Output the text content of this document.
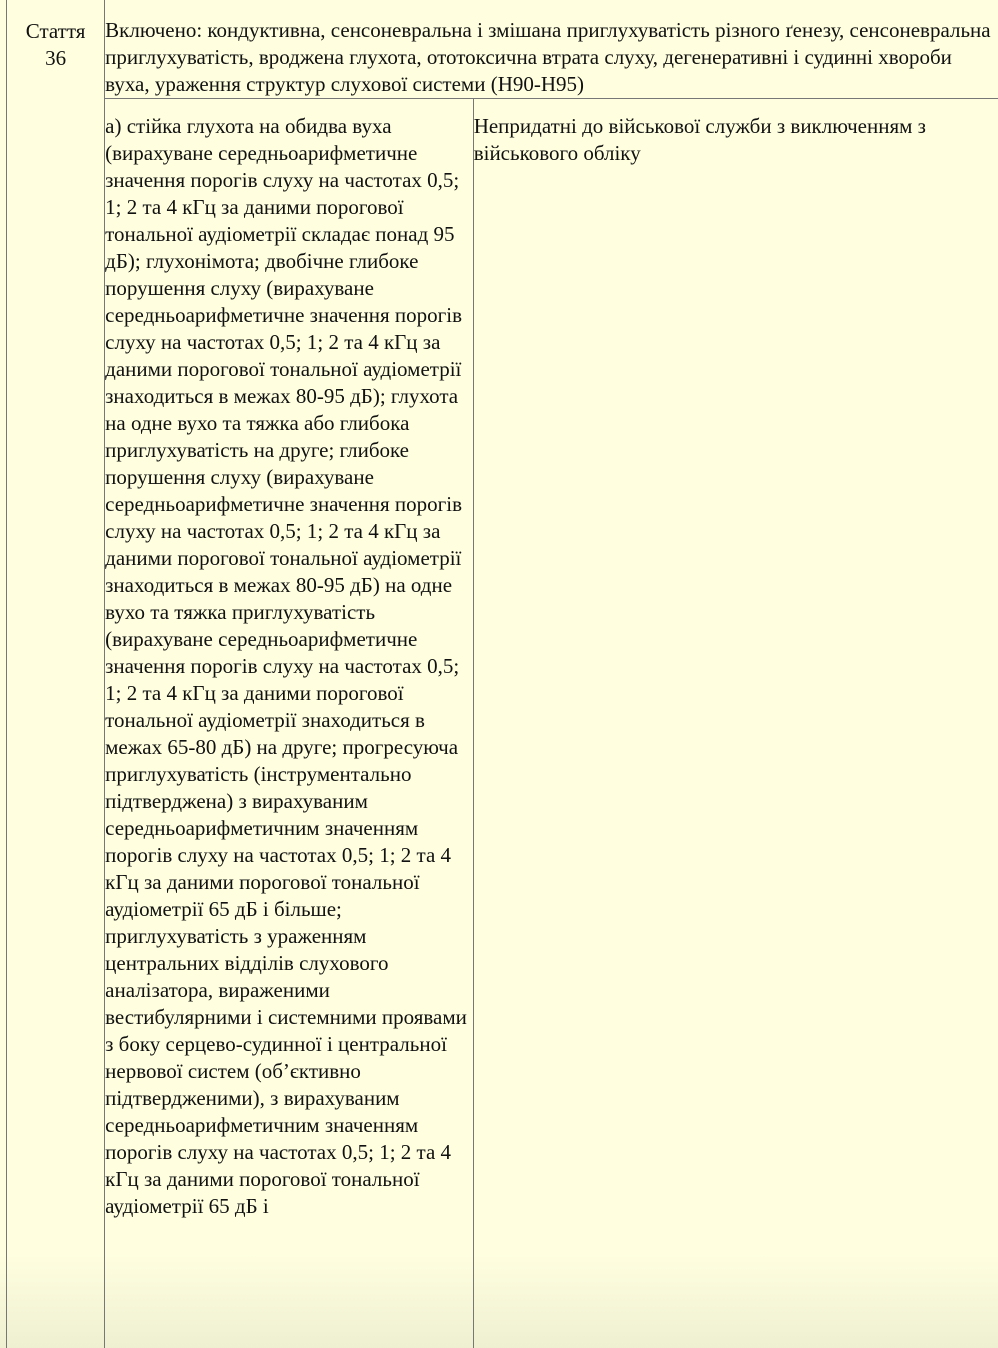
Стаття
36	Включено: кондуктивна, сенсоневральна і змішана приглухуватість різного ґенезу, сенсоневральна приглухуватість, вроджена глухота, ототоксична втрата слуху, дегенеративні і судинні хвороби вуха, ураження структур слухової системи (H90-H95)	

	а) стійка глухота на обидва вуха (вирахуване середньоарифметичне значення порогів слуху на частотах 0,5; 1; 2 та 4 кГц за даними порогової тональної аудіометрії складає понад 95 дБ); глухонімота; двобічне глибоке порушення слуху (вирахуване середньоарифметичне значення порогів слуху на частотах 0,5; 1; 2 та 4 кГц за даними порогової тональної аудіометрії знаходиться в межах 80-95 дБ); глухота на одне вухо та тяжка або глибока приглухуватість на друге; глибоке порушення слуху (вирахуване середньоарифметичне значення порогів слуху на частотах 0,5; 1; 2 та 4 кГц за даними порогової тональної аудіометрії знаходиться в межах 80-95 дБ) на одне вухо та тяжка приглухуватість (вирахуване середньоарифметичне значення порогів слуху на частотах 0,5; 1; 2 та 4 кГц за даними порогової тональної аудіометрії знаходиться в межах 65-80 дБ) на друге; прогресуюча приглухуватість (інструментально підтверджена) з вирахуваним середньоарифметичним значенням порогів слуху на частотах 0,5; 1; 2 та 4 кГц за даними порогової тональної аудіометрії 65 дБ і більше; приглухуватість з ураженням центральних відділів слухового аналізатора, вираженими вестибулярними і системними проявами з боку серцево-судинної і центральної нервової систем (об’єктивно підтвердженими), з вирахуваним середньоарифметичним значенням порогів слуху на частотах 0,5; 1; 2 та 4 кГц за даними порогової тональної аудіометрії 65 дБ і	Непридатні до військової служби з виключенням з військового обліку
